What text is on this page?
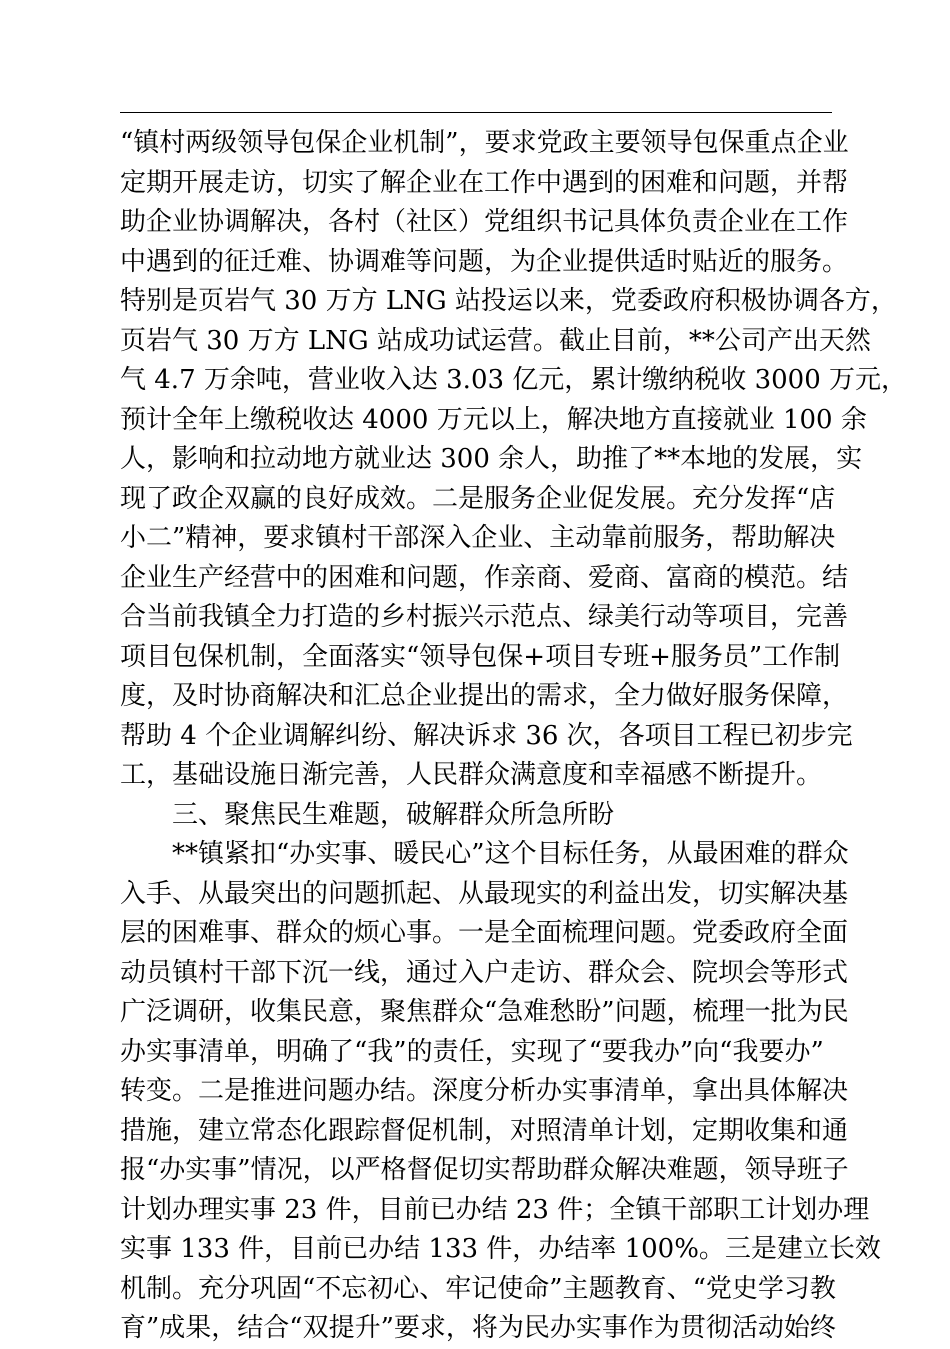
“镇村两级领导包保企业机制”，要求党政主要领导包保重点企业
定期开展走访，切实了解企业在工作中遇到的困难和问题，并帮
助企业协调解决，各村（社区）党组织书记具体负责企业在工作
中遇到的征迁难、协调难等问题，为企业提供适时贴近的服务。
特别是页岩气 30 万方 LNG 站投运以来，党委政府积极协调各方，
页岩气 30 万方 LNG 站成功试运营。截止目前，**公司产出天然
气 4.7 万余吨，营业收入达 3.03 亿元，累计缴纳税收 3000 万元，
预计全年上缴税收达 4000 万元以上，解决地方直接就业 100 余
人，影响和拉动地方就业达 300 余人，助推了**本地的发展，实
现了政企双赢的良好成效。二是服务企业促发展。充分发挥“店
小二”精神，要求镇村干部深入企业、主动靠前服务，帮助解决
企业生产经营中的困难和问题，作亲商、爱商、富商的模范。结
合当前我镇全力打造的乡村振兴示范点、绿美行动等项目，完善
项目包保机制，全面落实“领导包保+项目专班+服务员”工作制
度，及时协商解决和汇总企业提出的需求，全力做好服务保障，
帮助 4 个企业调解纠纷、解决诉求 36 次，各项目工程已初步完
工，基础设施日渐完善，人民群众满意度和幸福感不断提升。
三、聚焦民生难题，破解群众所急所盼
**镇紧扣“办实事、暖民心”这个目标任务，从最困难的群众
入手、从最突出的问题抓起、从最现实的利益出发，切实解决基
层的困难事、群众的烦心事。一是全面梳理问题。党委政府全面
动员镇村干部下沉一线，通过入户走访、群众会、院坝会等形式
广泛调研，收集民意，聚焦群众“急难愁盼”问题，梳理一批为民
办实事清单，明确了“我”的责任，实现了“要我办”向“我要办”
转变。二是推进问题办结。深度分析办实事清单，拿出具体解决
措施，建立常态化跟踪督促机制，对照清单计划，定期收集和通
报“办实事”情况，以严格督促切实帮助群众解决难题，领导班子
计划办理实事 23 件，目前已办结 23 件；全镇干部职工计划办理
实事 133 件，目前已办结 133 件，办结率 100%。三是建立长效
机制。充分巩固“不忘初心、牢记使命”主题教育、“党史学习教
育”成果，结合“双提升”要求，将为民办实事作为贯彻活动始终
